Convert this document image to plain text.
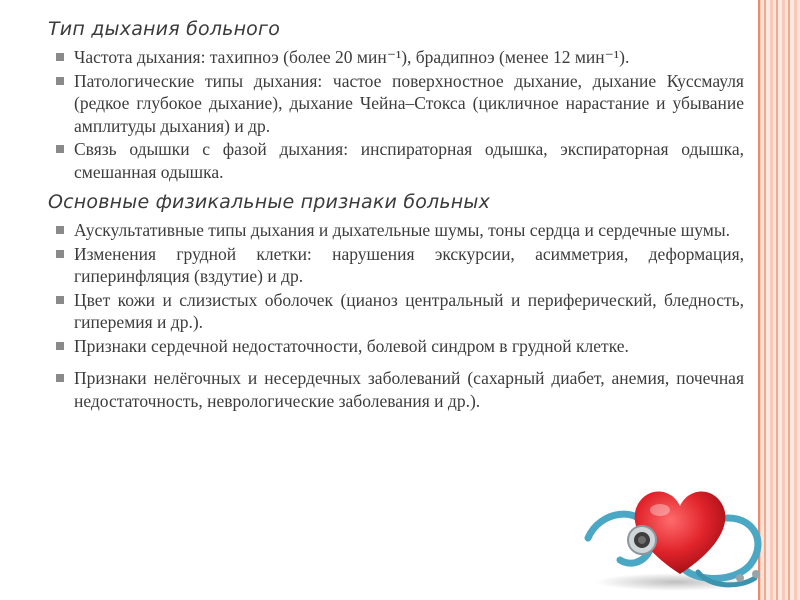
Тип дыхания больного
Частота дыхания: тахипноэ (более 20 мин⁻¹), брадипноэ (менее 12 мин⁻¹).
Патологические типы дыхания: частое поверхностное дыхание, дыхание Куссмауля (редкое глубокое дыхание), дыхание Чейна–Стокса (цикличное нарастание и убывание амплитуды дыхания) и др.
Связь одышки с фазой дыхания: инспираторная одышка, экспираторная одышка, смешанная одышка.
Основные физикальные признаки больных
Аускультативные типы дыхания и дыхательные шумы, тоны сердца и сердечные шумы.
Изменения грудной клетки: нарушения экскурсии, асимметрия, деформация, гиперинфляция (вздутие) и др.
Цвет кожи и слизистых оболочек (цианоз центральный и периферический, бледность, гиперемия и др.).
Признаки сердечной недостаточности, болевой синдром в грудной клетке.
Признаки нелёгочных и несердечных заболеваний (сахарный диабет, анемия, почечная недостаточность, неврологические заболевания и др.).
